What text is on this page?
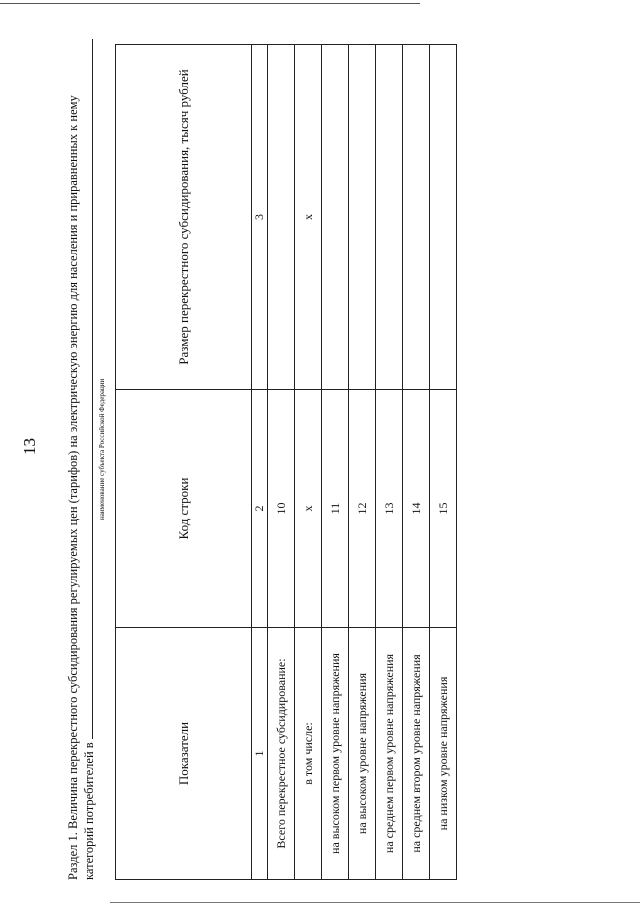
13 Раздел 1. Величина перекрестного субсидирования регулируемых цен (тарифов) на электрическую энергию для населения и приравненных к нему категорий потребителей в
наименование субъекта Российской Федерации
Показатели	Код строки	Размер перекрестного субсидирования, тысяч рублей
1	2	3
Всего перекрестное субсидирование:	10	
в том числе:	x	x
на высоком первом уровне напряжения	11	
на высоком уровне напряжения	12	
на среднем первом уровне напряжения	13	
на среднем втором уровне напряжения	14	
на низком уровне напряжения	15	
